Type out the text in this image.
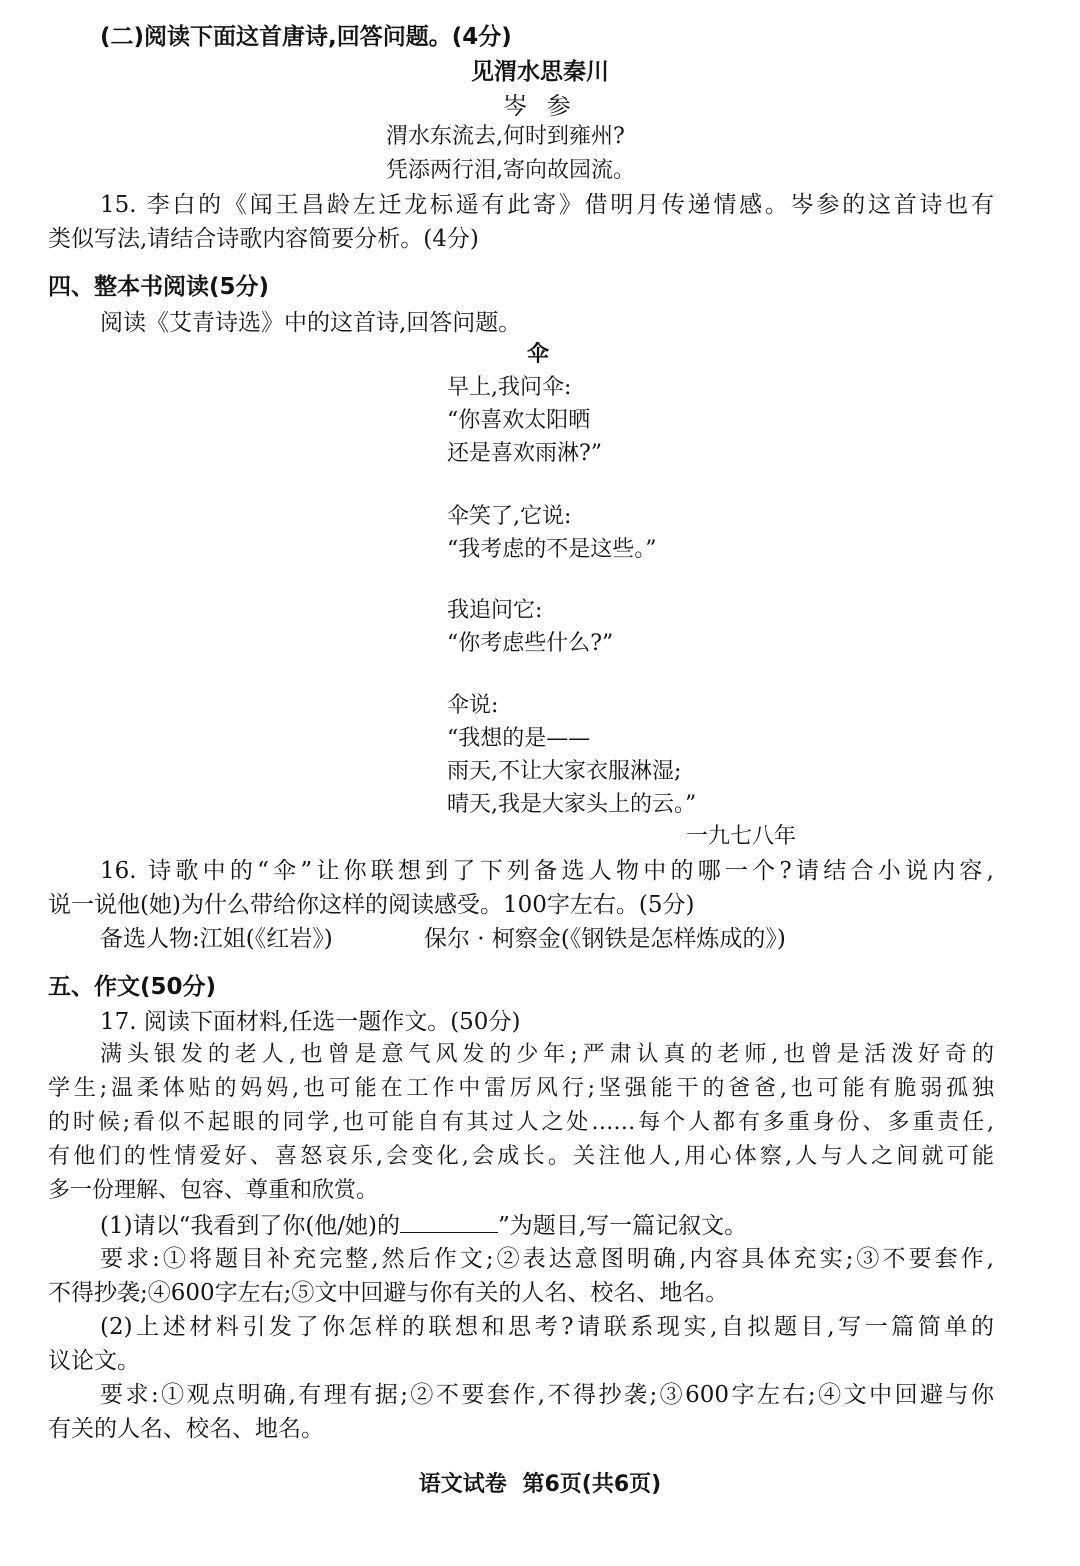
(二)阅读下面这首唐诗,回答问题。(4分)
见渭水思秦川
岑 参
渭水东流去,何时到雍州?
凭添两行泪,寄向故园流。
15. 李白的《闻王昌龄左迁龙标遥有此寄》借明月传递情感。岑参的这首诗也有
类似写法,请结合诗歌内容简要分析。(4分)
四、整本书阅读(5分)
阅读《艾青诗选》中的这首诗,回答问题。
伞
早上,我问伞:
“你喜欢太阳晒
还是喜欢雨淋?”
伞笑了,它说:
“我考虑的不是这些。”
我追问它:
“你考虑些什么?”
伞说:
“我想的是——
雨天,不让大家衣服淋湿;
晴天,我是大家头上的云。”
一九七八年
16. 诗歌中的“伞”让你联想到了下列备选人物中的哪一个?请结合小说内容,
说一说他(她)为什么带给你这样的阅读感受。100字左右。(5分)
备选人物:江姐(《红岩》)	保尔 · 柯察金(《钢铁是怎样炼成的》)
五、作文(50分)
17. 阅读下面材料,任选一题作文。(50分)
满头银发的老人,也曾是意气风发的少年;严肃认真的老师,也曾是活泼好奇的
学生;温柔体贴的妈妈,也可能在工作中雷厉风行;坚强能干的爸爸,也可能有脆弱孤独
的时候;看似不起眼的同学,也可能自有其过人之处……每个人都有多重身份、多重责任,
有他们的性情爱好、喜怒哀乐,会变化,会成长。关注他人,用心体察,人与人之间就可能
多一份理解、包容、尊重和欣赏。
(1)请以“我看到了你(他/她)的	”为题目,写一篇记叙文。
要求:①将题目补充完整,然后作文;②表达意图明确,内容具体充实;③不要套作,
不得抄袭;④600字左右;⑤文中回避与你有关的人名、校名、地名。
(2)上述材料引发了你怎样的联想和思考?请联系现实,自拟题目,写一篇简单的
议论文。
要求:①观点明确,有理有据;②不要套作,不得抄袭;③600字左右;④文中回避与你
有关的人名、校名、地名。
语文试卷 第6页(共6页)
